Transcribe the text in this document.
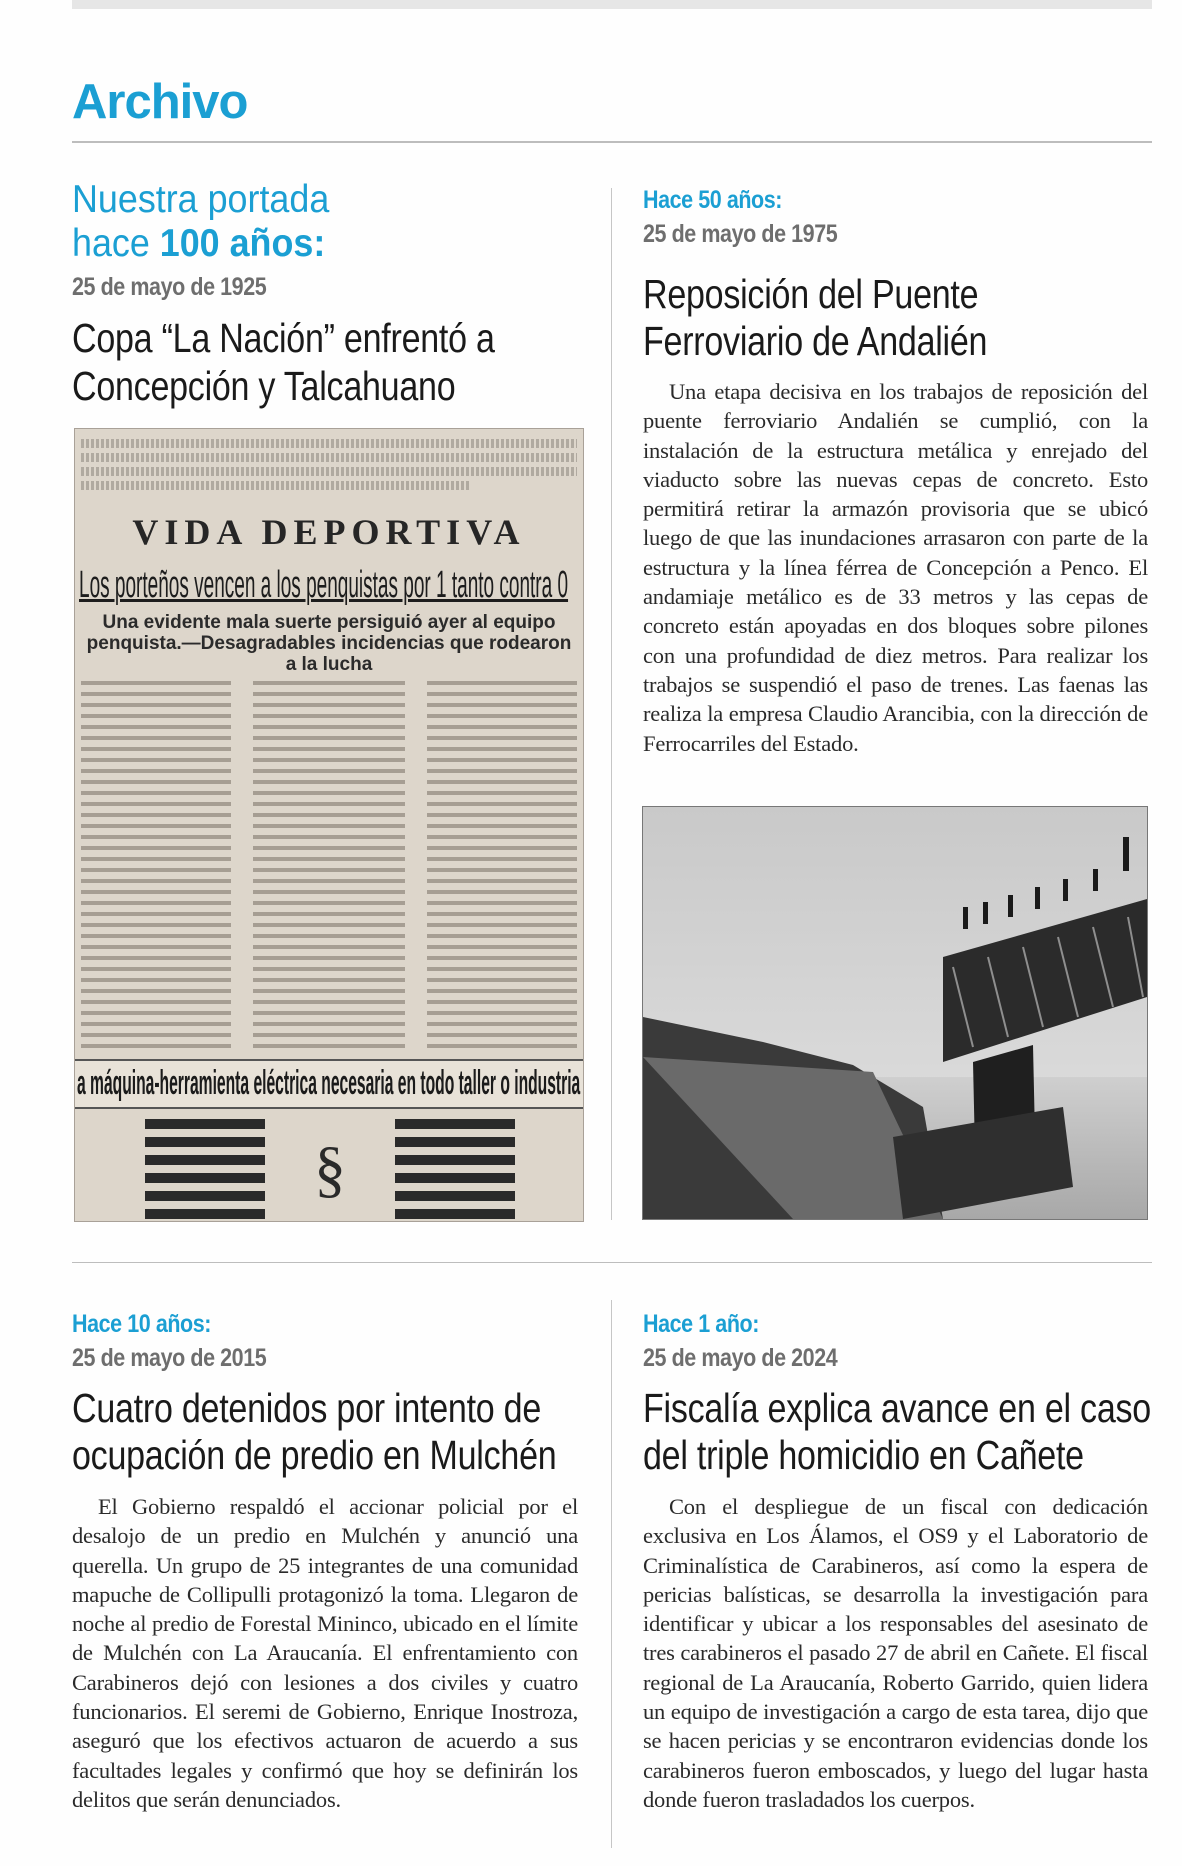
Archivo
Nuestra portada
hace 100 años:
25 de mayo de 1925
Copa “La Nación” enfrentó a
Concepción y Talcahuano
VIDA DEPORTIVA
Los porteños vencen a los penquistas por 1 tanto contra 0
Una evidente mala suerte persiguió ayer al equipo penquista.—Desagradables incidencias que rodearon a la lucha
a máquina-herramienta eléctrica necesaria en todo taller o industria
§
Hace 50 años:
25 de mayo de 1975
Reposición del Puente
Ferroviario de Andalién

Una etapa decisiva en los trabajos de reposición del puente ferroviario Andalién se cumplió, con la instalación de la estructura metálica y enrejado del viaducto sobre las nuevas cepas de concreto. Esto permitirá retirar la armazón provisoria que se ubicó luego de que las inundaciones arrasaron con parte de la estructura y la línea férrea de Concepción a Penco. El andamiaje metálico es de 33 metros y las cepas de concreto están apoyadas en dos bloques sobre pilones con una profundidad de diez metros. Para realizar los trabajos se suspendió el paso de trenes. Las faenas las realiza la empresa Claudio Arancibia, con la dirección de Ferrocarriles del Estado.

Hace 10 años:
25 de mayo de 2015
Cuatro detenidos por intento de
ocupación de predio en Mulchén

El Gobierno respaldó el accionar policial por el desalojo de un predio en Mulchén y anunció una querella. Un grupo de 25 integrantes de una comunidad mapuche de Collipulli protagonizó la toma. Llegaron de noche al predio de Forestal Mininco, ubicado en el límite de Mulchén con La Araucanía. El enfrentamiento con Carabineros dejó con lesiones a dos civiles y cuatro funcionarios. El seremi de Gobierno, Enrique Inostroza, aseguró que los efectivos actuaron de acuerdo a sus facultades legales y confirmó que hoy se definirán los delitos que serán denunciados.

Hace 1 año:
25 de mayo de 2024
Fiscalía explica avance en el caso
del triple homicidio en Cañete

Con el despliegue de un fiscal con dedicación exclusiva en Los Álamos, el OS9 y el Laboratorio de Criminalística de Carabineros, así como la espera de pericias balísticas, se desarrolla la investigación para identificar y ubicar a los responsables del asesinato de tres carabineros el pasado 27 de abril en Cañete. El fiscal regional de La Araucanía, Roberto Garrido, quien lidera un equipo de investigación a cargo de esta tarea, dijo que se hacen pericias y se encontraron evidencias donde los carabineros fueron emboscados, y luego del lugar hasta donde fueron trasladados los cuerpos.
